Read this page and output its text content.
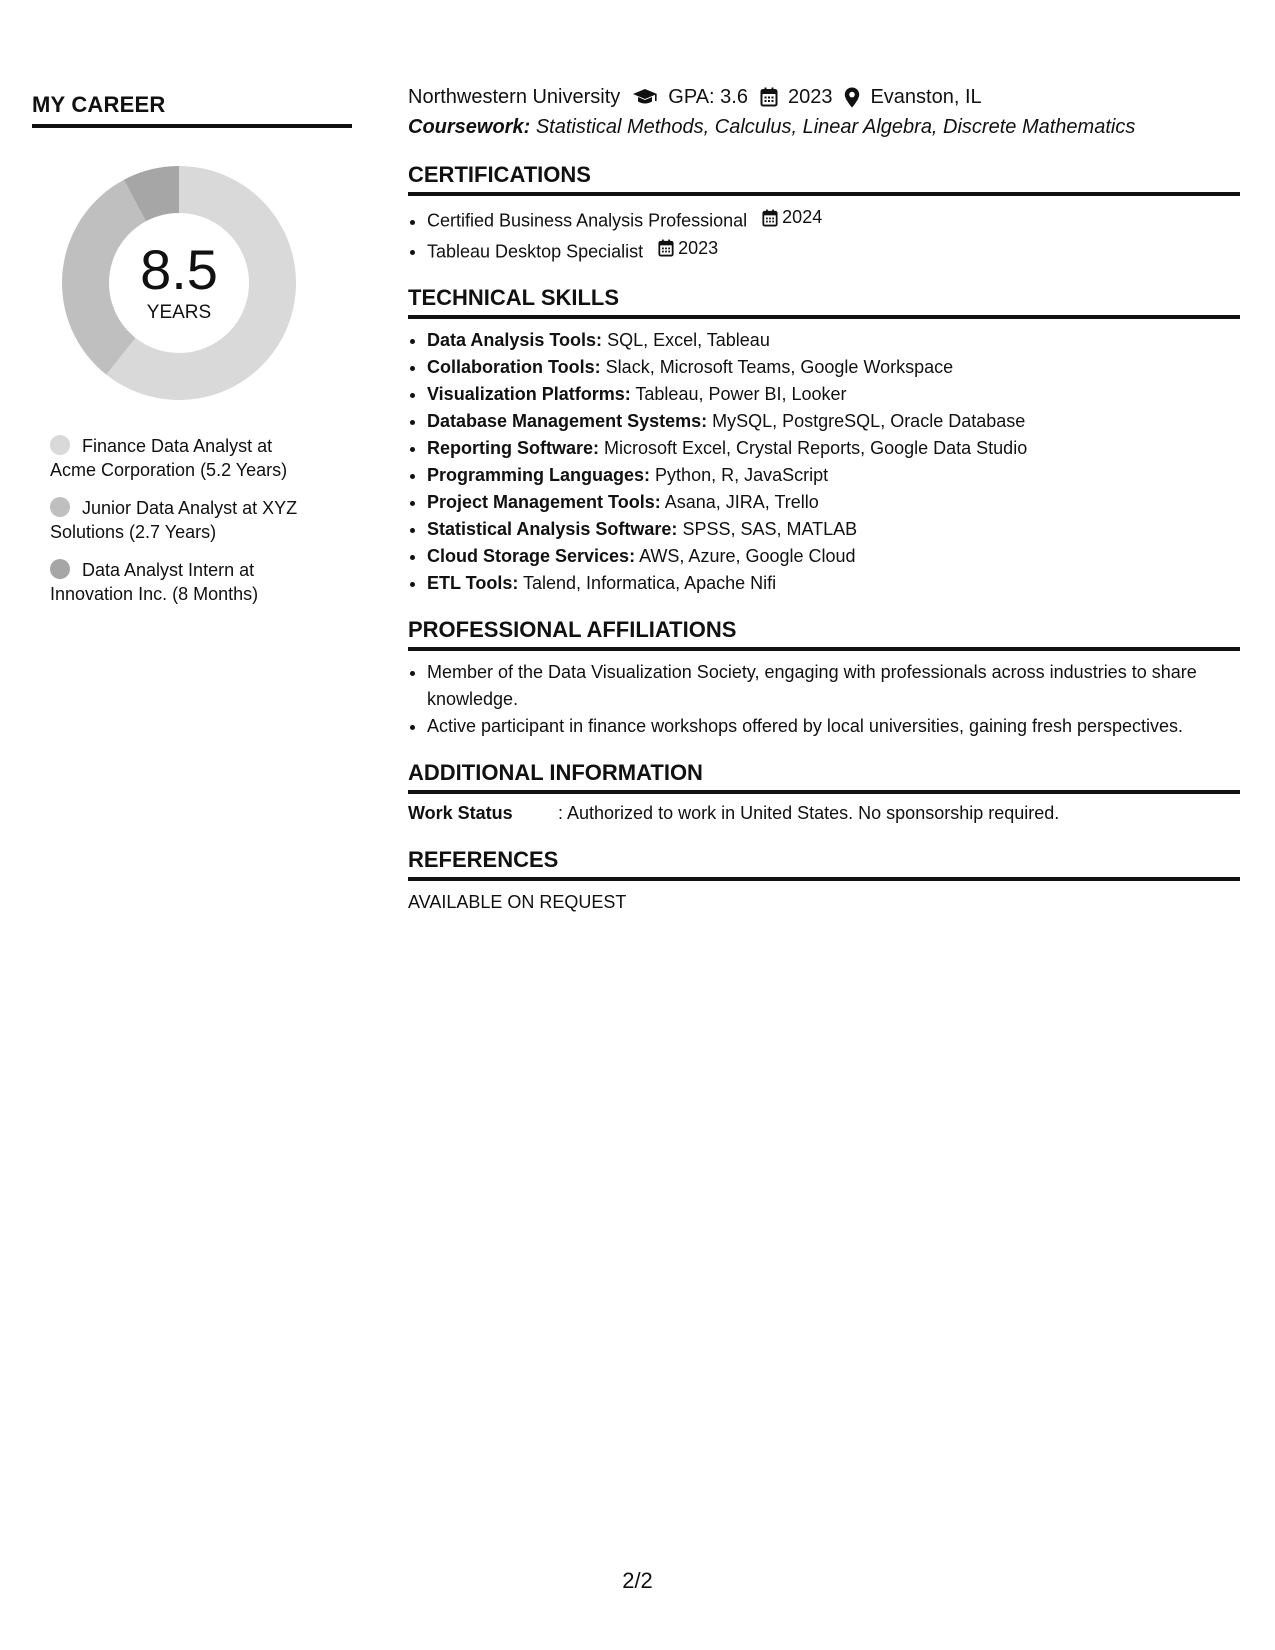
MY CAREER
8.5
YEARS
Finance Data Analyst at Acme Corporation (5.2 Years)
Junior Data Analyst at XYZ Solutions (2.7 Years)
Data Analyst Intern at Innovation Inc. (8 Months)
Northwestern University GPA: 3.6 2023 Evanston, IL
Coursework: Statistical Methods, Calculus, Linear Algebra, Discrete Mathematics
CERTIFICATIONS
• Certified Business Analysis Professional 2024
• Tableau Desktop Specialist 2023
TECHNICAL SKILLS
• Data Analysis Tools: SQL, Excel, Tableau
• Collaboration Tools: Slack, Microsoft Teams, Google Workspace
• Visualization Platforms: Tableau, Power BI, Looker
• Database Management Systems: MySQL, PostgreSQL, Oracle Database
• Reporting Software: Microsoft Excel, Crystal Reports, Google Data Studio
• Programming Languages: Python, R, JavaScript
• Project Management Tools: Asana, JIRA, Trello
• Statistical Analysis Software: SPSS, SAS, MATLAB
• Cloud Storage Services: AWS, Azure, Google Cloud
• ETL Tools: Talend, Informatica, Apache Nifi
PROFESSIONAL AFFILIATIONS
• Member of the Data Visualization Society, engaging with professionals across industries to share knowledge.
• Active participant in finance workshops offered by local universities, gaining fresh perspectives.
ADDITIONAL INFORMATION
Work Status	: Authorized to work in United States. No sponsorship required.
REFERENCES
AVAILABLE ON REQUEST
2/2
